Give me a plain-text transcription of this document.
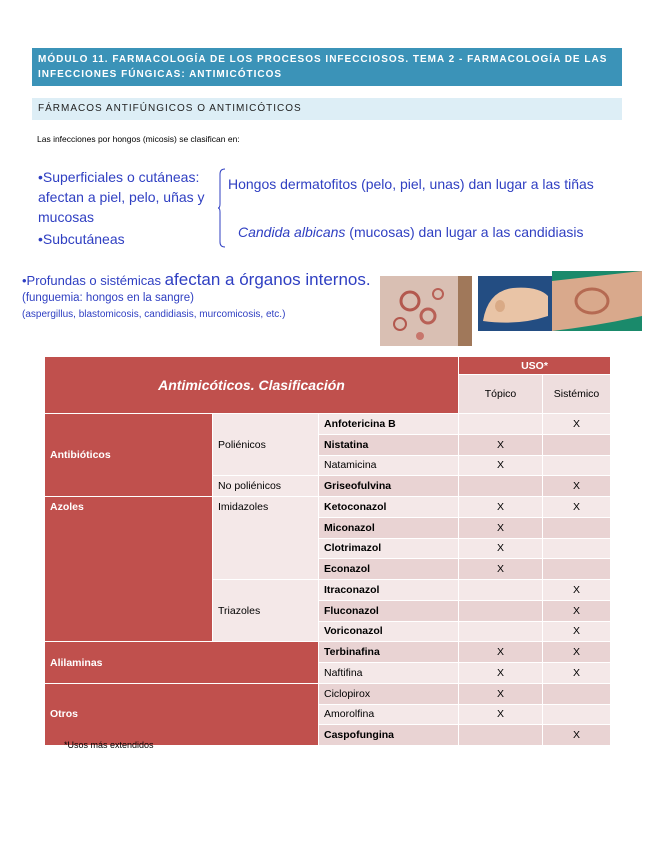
MÓDULO 11. FARMACOLOGÍA DE LOS PROCESOS INFECCIOSOS. TEMA 2 - FARMACOLOGÍA DE LAS INFECCIONES FÚNGICAS: ANTIMICÓTICOS
FÁRMACOS ANTIFÚNGICOS O ANTIMICÓTICOS
Las infecciones por hongos (micosis) se clasifican en:
•Superficiales o cutáneas: afectan a piel, pelo, uñas y mucosas
•Subcutáneas
Hongos dermatofitos (pelo, piel, unas) dan lugar a las tiñas
Candida albicans (mucosas) dan lugar a las candidiasis
•Profundas o sistémicas afectan a órganos internos.
(funguemia: hongos en la sangre)
(aspergillus, blastomicosis, candidiasis, murcomicosis, etc.)
Antimicóticos. Clasificación			USO*	
			Tópico	Sistémico
Antibióticos	Poliénicos	Anfotericina B		X
		Nistatina	X	
		Natamicina	X	
	No poliénicos	Griseofulvina		X
Azoles	Imidazoles	Ketoconazol	X	X
		Miconazol	X	
		Clotrimazol	X	
		Econazol	X	
	Triazoles	Itraconazol		X
		Fluconazol		X
		Voriconazol		X
Alilaminas		Terbinafina	X	X
		Naftifina	X	X
Otros		Ciclopirox	X	
		Amorolfina	X	
		Caspofungina		X
*Usos más extendidos
